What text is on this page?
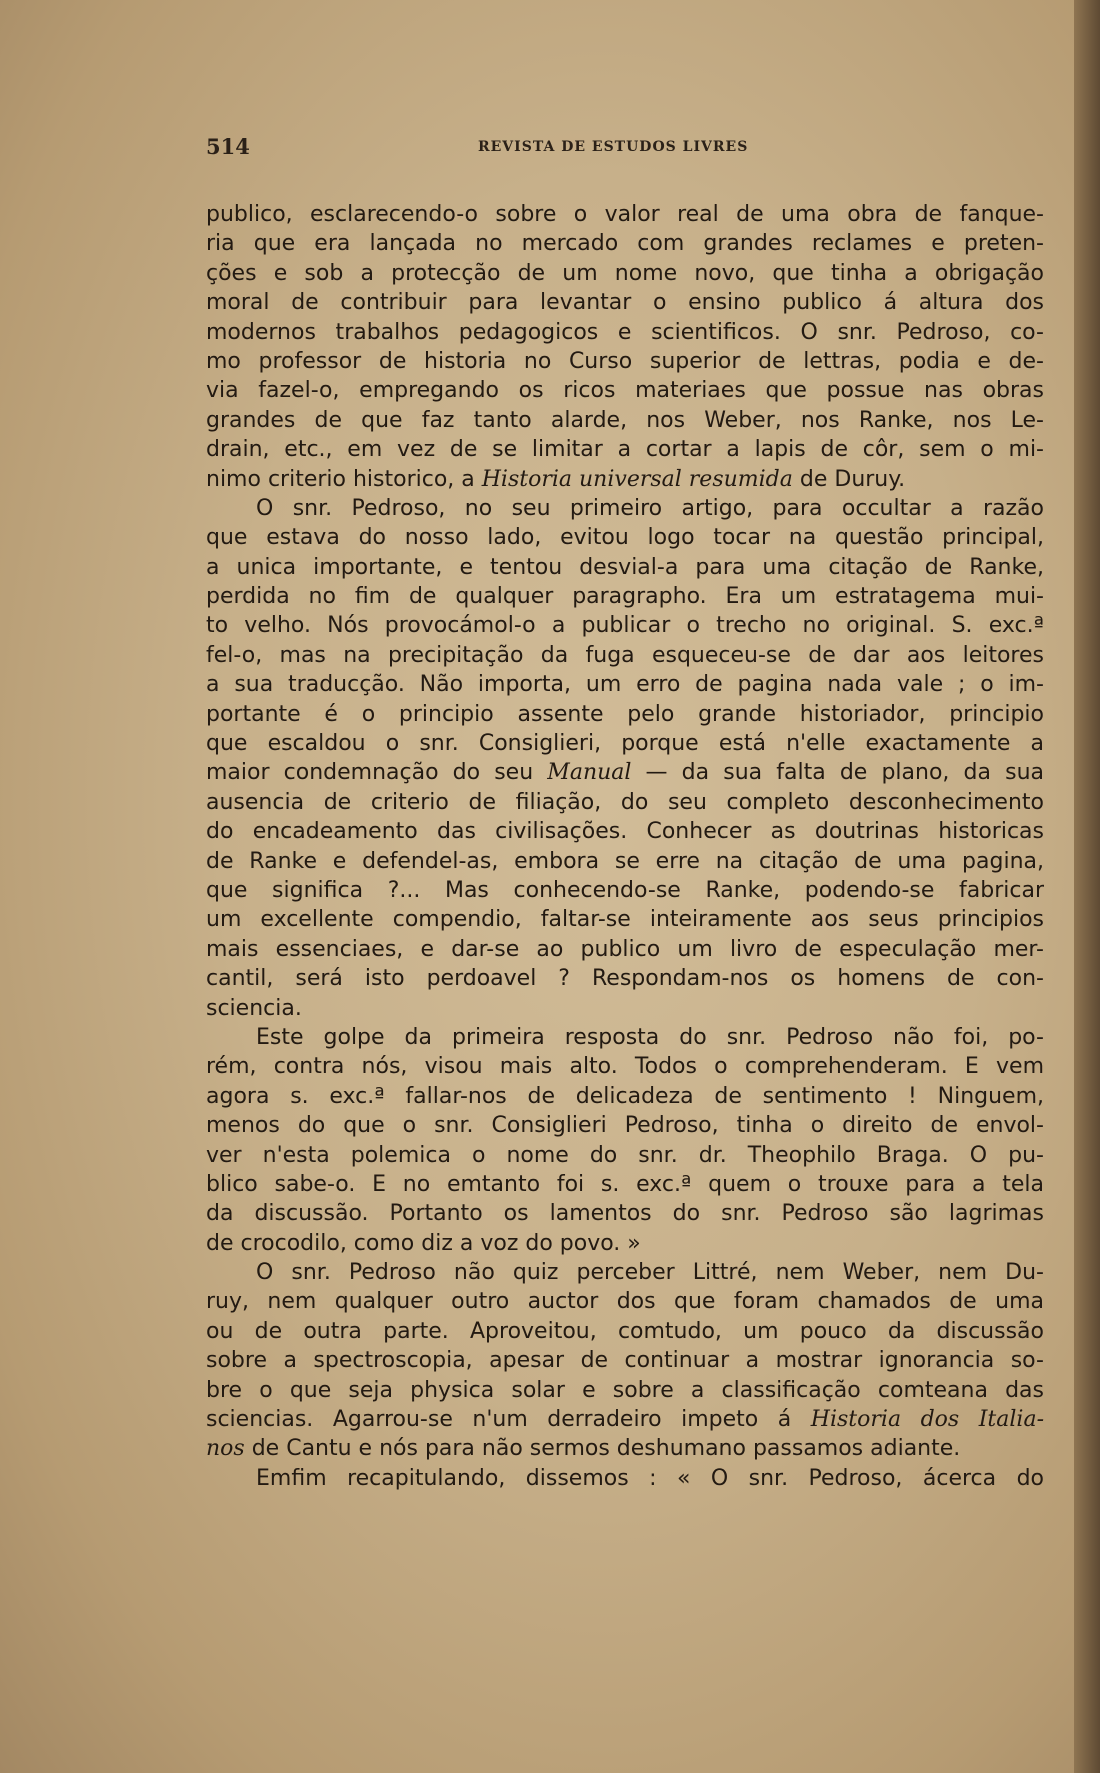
514	REVISTA DE ESTUDOS LIVRES
publico, esclarecendo-o sobre o valor real de uma obra de fanque-
ria que era lançada no mercado com grandes reclames e preten-
ções e sob a protecção de um nome novo, que tinha a obrigação
moral de contribuir para levantar o ensino publico á altura dos
modernos trabalhos pedagogicos e scientificos. O snr. Pedroso, co-
mo professor de historia no Curso superior de lettras, podia e de-
via fazel-o, empregando os ricos materiaes que possue nas obras
grandes de que faz tanto alarde, nos Weber, nos Ranke, nos Le-
drain, etc., em vez de se limitar a cortar a lapis de côr, sem o mi-
nimo criterio historico, a Historia universal resumida de Duruy.
O snr. Pedroso, no seu primeiro artigo, para occultar a razão
que estava do nosso lado, evitou logo tocar na questão principal,
a unica importante, e tentou desvial-a para uma citação de Ranke,
perdida no fim de qualquer paragrapho. Era um estratagema mui-
to velho. Nós provocámol-o a publicar o trecho no original. S. exc.ª
fel-o, mas na precipitação da fuga esqueceu-se de dar aos leitores
a sua traducção. Não importa, um erro de pagina nada vale ; o im-
portante é o principio assente pelo grande historiador, principio
que escaldou o snr. Consiglieri, porque está n'elle exactamente a
maior condemnação do seu Manual — da sua falta de plano, da sua
ausencia de criterio de filiação, do seu completo desconhecimento
do encadeamento das civilisações. Conhecer as doutrinas historicas
de Ranke e defendel-as, embora se erre na citação de uma pagina,
que significa ?... Mas conhecendo-se Ranke, podendo-se fabricar
um excellente compendio, faltar-se inteiramente aos seus principios
mais essenciaes, e dar-se ao publico um livro de especulação mer-
cantil, será isto perdoavel ? Respondam-nos os homens de con-
sciencia.
Este golpe da primeira resposta do snr. Pedroso não foi, po-
rém, contra nós, visou mais alto. Todos o comprehenderam. E vem
agora s. exc.ª fallar-nos de delicadeza de sentimento ! Ninguem,
menos do que o snr. Consiglieri Pedroso, tinha o direito de envol-
ver n'esta polemica o nome do snr. dr. Theophilo Braga. O pu-
blico sabe-o. E no emtanto foi s. exc.ª quem o trouxe para a tela
da discussão. Portanto os lamentos do snr. Pedroso são lagrimas
de crocodilo, como diz a voz do povo. »
O snr. Pedroso não quiz perceber Littré, nem Weber, nem Du-
ruy, nem qualquer outro auctor dos que foram chamados de uma
ou de outra parte. Aproveitou, comtudo, um pouco da discussão
sobre a spectroscopia, apesar de continuar a mostrar ignorancia so-
bre o que seja physica solar e sobre a classificação comteana das
sciencias. Agarrou-se n'um derradeiro impeto á Historia dos Italia-
nos de Cantu e nós para não sermos deshumano passamos adiante.
Emfim recapitulando, dissemos : « O snr. Pedroso, ácerca do
